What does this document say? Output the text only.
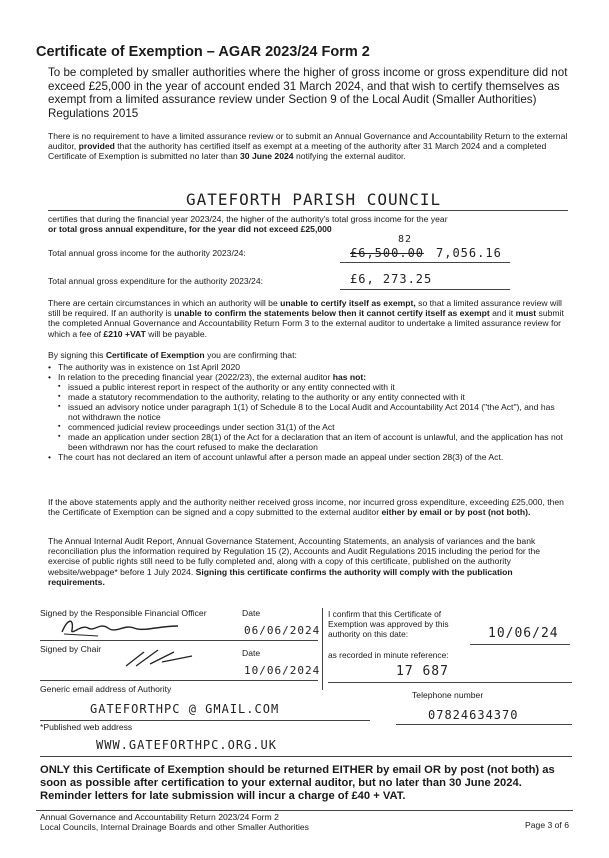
Certificate of Exemption – AGAR 2023/24 Form 2
To be completed by smaller authorities where the higher of gross income or gross expenditure did not exceed £25,000 in the year of account ended 31 March 2024, and that wish to certify themselves as exempt from a limited assurance review under Section 9 of the Local Audit (Smaller Authorities) Regulations 2015
There is no requirement to have a limited assurance review or to submit an Annual Governance and Accountability Return to the external auditor, provided that the authority has certified itself as exempt at a meeting of the authority after 31 March 2024 and a completed Certificate of Exemption is submitted no later than 30 June 2024 notifying the external auditor.
GATEFORTH PARISH COUNCIL
certifies that during the financial year 2023/24, the higher of the authority's total gross income for the year
or total gross annual expenditure, for the year did not exceed £25,000
Total annual gross income for the authority 2023/24:	£6,500.00
82
7,056.16
Total annual gross expenditure for the authority 2023/24:	£6, 273.25
There are certain circumstances in which an authority will be unable to certify itself as exempt, so that a limited assurance review will still be required. If an authority is unable to confirm the statements below then it cannot certify itself as exempt and it must submit the completed Annual Governance and Accountability Return Form 3 to the external auditor to undertake a limited assurance review for which a fee of £210 +VAT will be payable.
By signing this Certificate of Exemption you are confirming that:
• The authority was in existence on 1st April 2020
• In relation to the preceding financial year (2022/23), the external auditor has not:
▪ issued a public interest report in respect of the authority or any entity connected with it
▪ made a statutory recommendation to the authority, relating to the authority or any entity connected with it
▪ issued an advisory notice under paragraph 1(1) of Schedule 8 to the Local Audit and Accountability Act 2014 ("the Act"), and has not withdrawn the notice
▪ commenced judicial review proceedings under section 31(1) of the Act
▪ made an application under section 28(1) of the Act for a declaration that an item of account is unlawful, and the application has not been withdrawn nor has the court refused to make the declaration
• The court has not declared an item of account unlawful after a person made an appeal under section 28(3) of the Act.
If the above statements apply and the authority neither received gross income, nor incurred gross expenditure, exceeding £25,000, then the Certificate of Exemption can be signed and a copy submitted to the external auditor either by email or by post (not both).
The Annual Internal Audit Report, Annual Governance Statement, Accounting Statements, an analysis of variances and the bank reconciliation plus the information required by Regulation 15 (2), Accounts and Audit Regulations 2015 including the period for the exercise of public rights still need to be fully completed and, along with a copy of this certificate, published on the authority website/webpage* before 1 July 2024. Signing this certificate confirms the authority will comply with the publication requirements.
Signed by the Responsible Financial Officer	Date
06/06/2024
I confirm that this Certificate of Exemption was approved by this authority on this date:	10/06/24
Signed by Chair	Date
10/06/2024
as recorded in minute reference:
17 687
Generic email address of Authority
Telephone number
GATEFORTHPC @ GMAIL.COM	07824634370
*Published web address
WWW.GATEFORTHPC.ORG.UK
ONLY this Certificate of Exemption should be returned EITHER by email OR by post (not both) as soon as possible after certification to your external auditor, but no later than 30 June 2024. Reminder letters for late submission will incur a charge of £40 + VAT.
Annual Governance and Accountability Return 2023/24 Form 2
Local Councils, Internal Drainage Boards and other Smaller Authorities	Page 3 of 6
